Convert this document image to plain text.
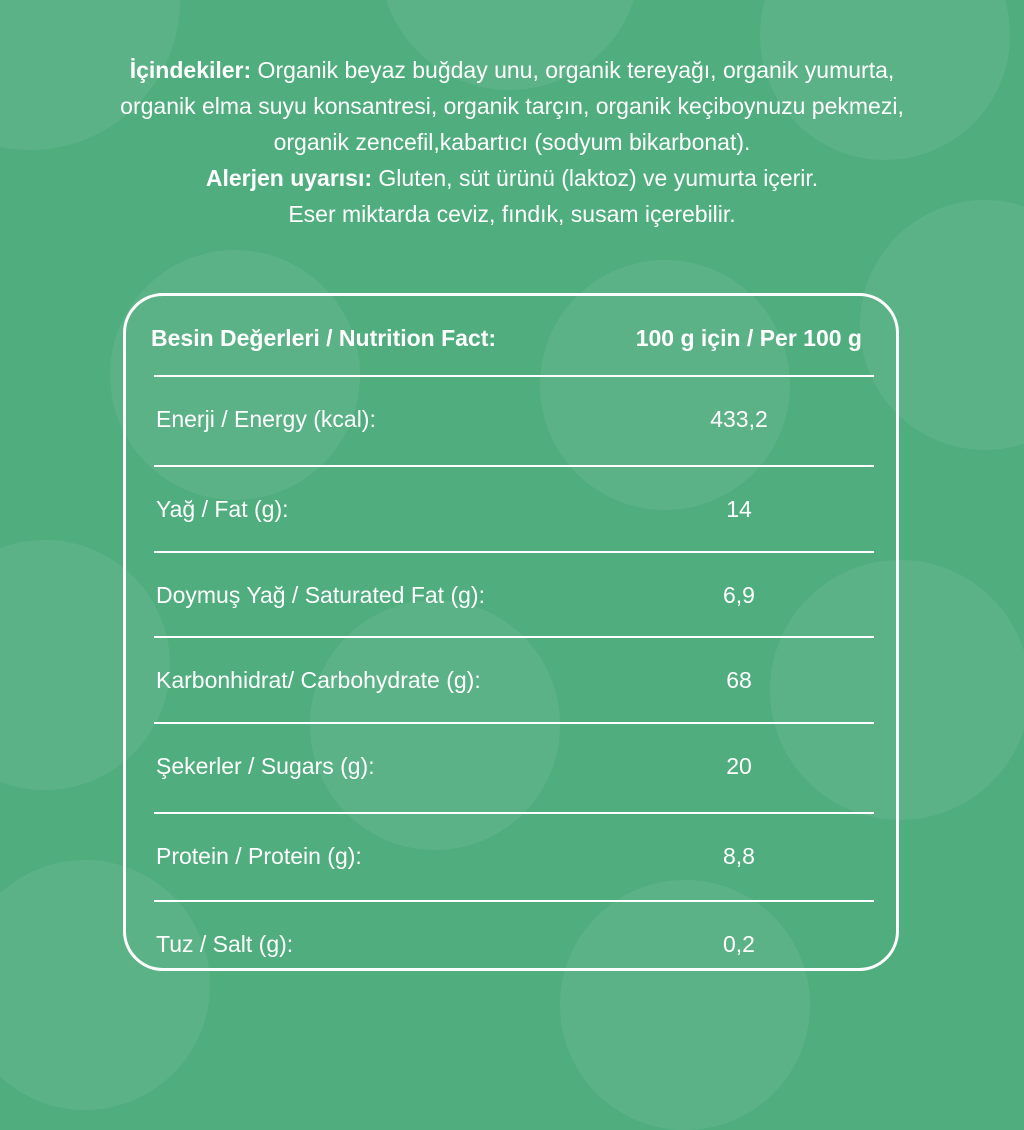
İçindekiler: Organik beyaz buğday unu, organik tereyağı, organik yumurta,

organik elma suyu konsantresi, organik tarçın, organik keçiboynuzu pekmezi,

organik zencefil,kabartıcı (sodyum bikarbonat).

Alerjen uyarısı: Gluten, süt ürünü (laktoz) ve yumurta içerir.

Eser miktarda ceviz, fındık, susam içerebilir.

Besin Değerleri / Nutrition Fact:	100 g için / Per 100 g
Enerji / Energy (kcal):	433,2
Yağ / Fat (g):	14
Doymuş Yağ / Saturated Fat (g):	6,9
Karbonhidrat/ Carbohydrate (g):	68
Şekerler / Sugars (g):	20
Protein / Protein (g):	8,8
Tuz / Salt (g):	0,2
